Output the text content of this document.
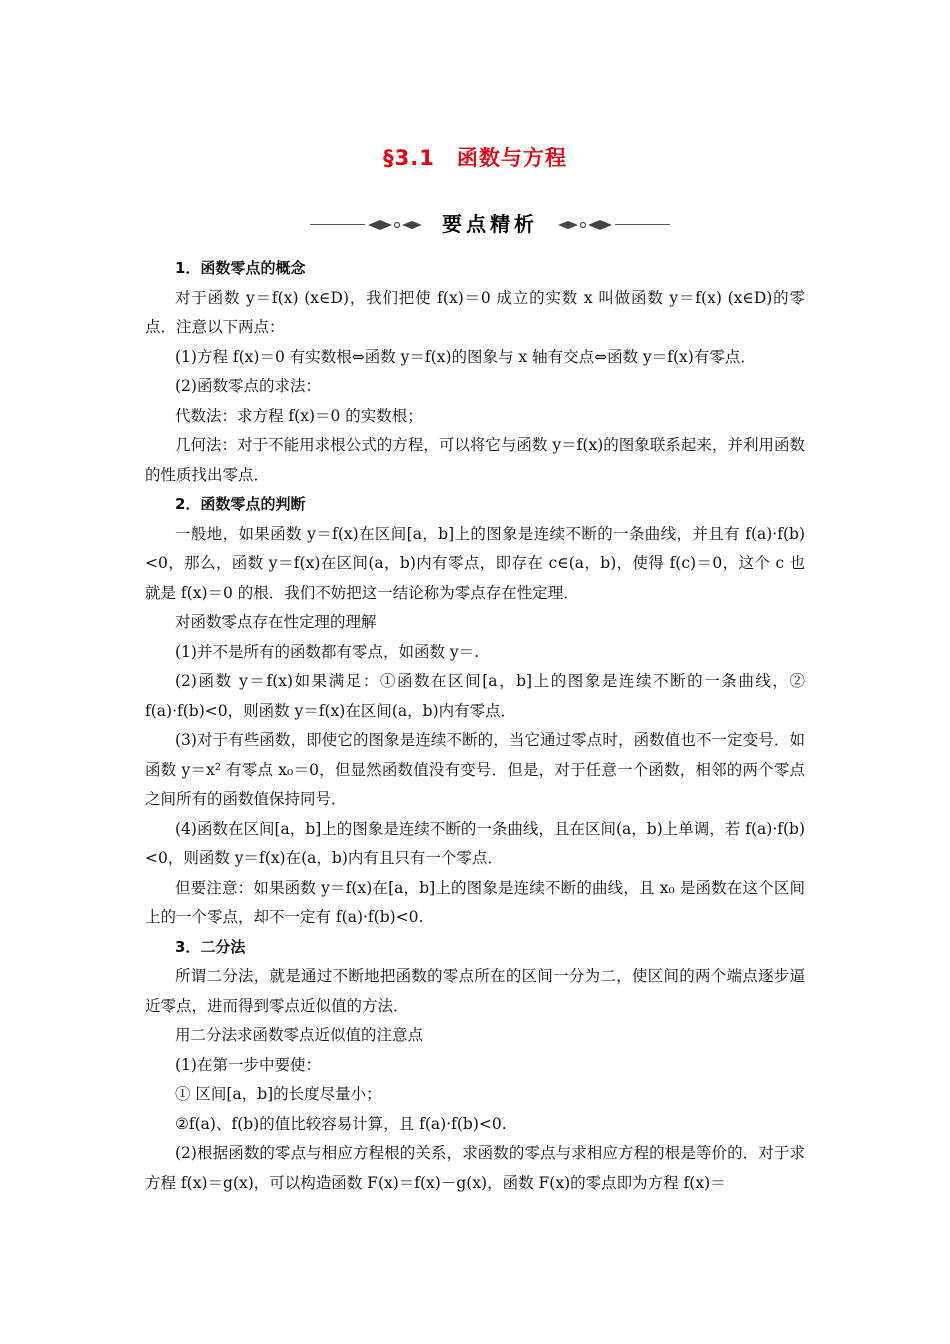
§3.1　函数与方程
要点精析

1．函数零点的概念

对于函数 y＝f(x) (x∈D)，我们把使 f(x)＝0 成立的实数 x 叫做函数 y＝f(x) (x∈D)的零点．注意以下两点：

(1)方程 f(x)＝0 有实数根⇔函数 y＝f(x)的图象与 x 轴有交点⇔函数 y＝f(x)有零点．

(2)函数零点的求法：

代数法：求方程 f(x)＝0 的实数根；

几何法：对于不能用求根公式的方程，可以将它与函数 y＝f(x)的图象联系起来，并利用函数的性质找出零点．

2．函数零点的判断

一般地，如果函数 y＝f(x)在区间[a，b]上的图象是连续不断的一条曲线，并且有 f(a)·f(b)<0，那么，函数 y＝f(x)在区间(a，b)内有零点，即存在 c∈(a，b)，使得 f(c)＝0，这个 c 也就是 f(x)＝0 的根．我们不妨把这一结论称为零点存在性定理．

对函数零点存在性定理的理解

(1)并不是所有的函数都有零点，如函数 y＝.

(2)函数 y＝f(x)如果满足：①函数在区间[a，b]上的图象是连续不断的一条曲线，② f(a)·f(b)<0，则函数 y＝f(x)在区间(a，b)内有零点．

(3)对于有些函数，即使它的图象是连续不断的，当它通过零点时，函数值也不一定变号．如函数 y＝x² 有零点 x₀＝0，但显然函数值没有变号．但是，对于任意一个函数，相邻的两个零点之间所有的函数值保持同号．

(4)函数在区间[a，b]上的图象是连续不断的一条曲线，且在区间(a，b)上单调，若 f(a)·f(b)<0，则函数 y＝f(x)在(a，b)内有且只有一个零点．

但要注意：如果函数 y＝f(x)在[a，b]上的图象是连续不断的曲线，且 x₀ 是函数在这个区间上的一个零点，却不一定有 f(a)·f(b)<0.

3．二分法

所谓二分法，就是通过不断地把函数的零点所在的区间一分为二，使区间的两个端点逐步逼近零点，进而得到零点近似值的方法．

用二分法求函数零点近似值的注意点

(1)在第一步中要使：

① 区间[a，b]的长度尽量小；

②f(a)、f(b)的值比较容易计算，且 f(a)·f(b)<0.

(2)根据函数的零点与相应方程根的关系，求函数的零点与求相应方程的根是等价的．对于求方程 f(x)＝g(x)，可以构造函数 F(x)＝f(x)－g(x)，函数 F(x)的零点即为方程 f(x)＝
